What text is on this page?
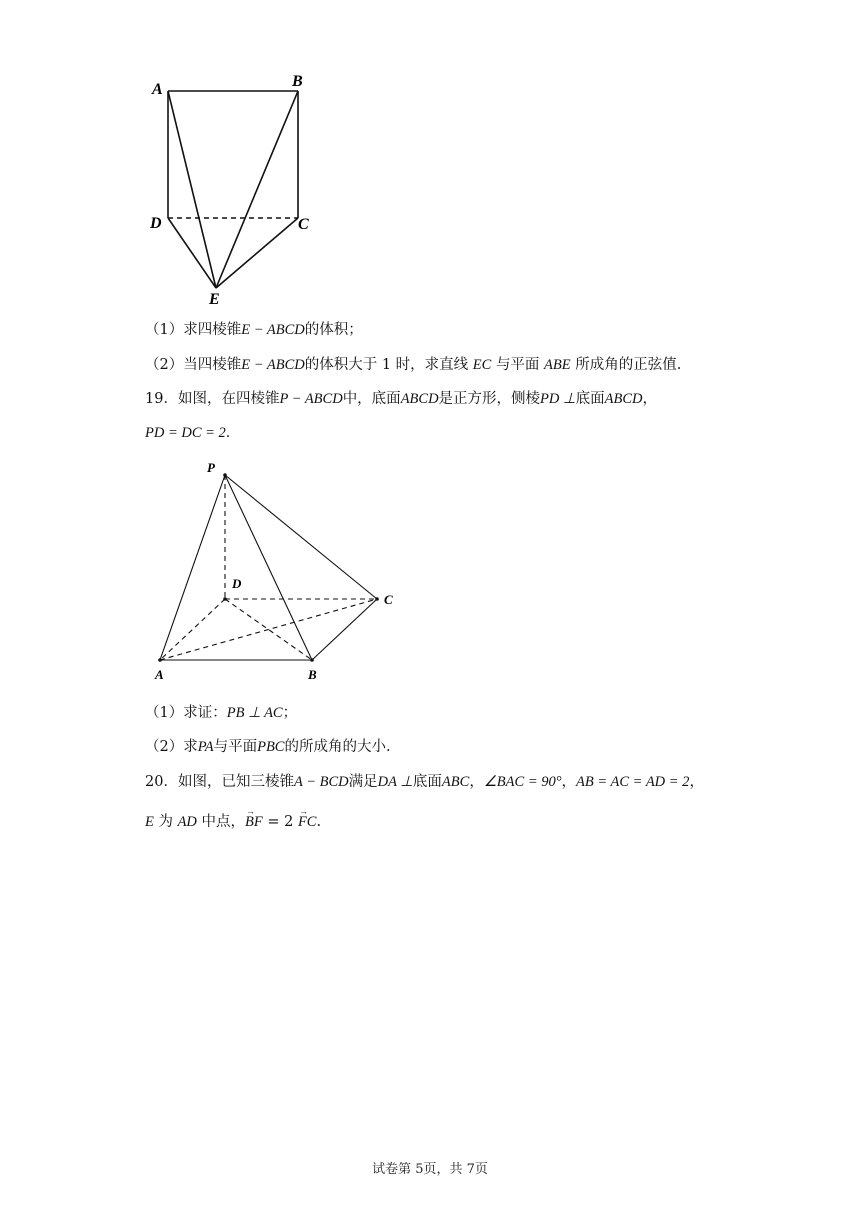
A	B
D	C
E
（1）求四棱锥E − ABCD的体积；
（2）当四棱锥E − ABCD的体积大于 1 时，求直线 EC 与平面 ABE 所成角的正弦值.
19．如图，在四棱锥P − ABCD中，底面ABCD是正方形，侧棱PD ⊥底面ABCD，
PD = DC = 2．
P
D
C
A	B
（1）求证：PB ⊥ AC；
（2）求PA与平面PBC的所成角的大小.
20．如图，已知三棱锥A − BCD满足DA ⊥底面ABC，∠BAC = 90°，AB = AC = AD = 2，
E 为 AD 中点，→ BF = 2 → FC.
试卷第 5页，共 7页
